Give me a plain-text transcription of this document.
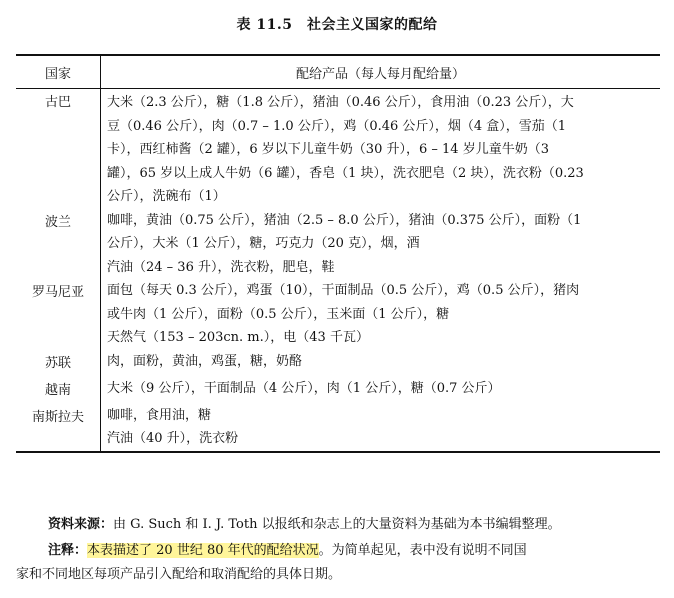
表 11.5　社会主义国家的配给
国家	配给产品（每人每月配给量）
古巴	大米（2.3 公斤），糖（1.8 公斤），猪油（0.46 公斤），食用油（0.23 公斤），大
豆（0.46 公斤），肉（0.7 – 1.0 公斤），鸡（0.46 公斤），烟（4 盒），雪茄（1
卡），西红柿酱（2 罐），6 岁以下儿童牛奶（30 升），6 – 14 岁儿童牛奶（3
罐），65 岁以上成人牛奶（6 罐），香皂（1 块），洗衣肥皂（2 块），洗衣粉（0.23
公斤），洗碗布（1）

波兰	咖啡，黄油（0.75 公斤），猪油（2.5 – 8.0 公斤），猪油（0.375 公斤），面粉（1
公斤），大米（1 公斤），糖，巧克力（20 克），烟，酒
汽油（24 – 36 升），洗衣粉，肥皂，鞋

罗马尼亚	面包（每天 0.3 公斤），鸡蛋（10），干面制品（0.5 公斤），鸡（0.5 公斤），猪肉
或牛肉（1 公斤），面粉（0.5 公斤），玉米面（1 公斤），糖
天然气（153 – 203cn. m.），电（43 千瓦）

苏联	肉，面粉，黄油，鸡蛋，糖，奶酪

越南	大米（9 公斤），干面制品（4 公斤），肉（1 公斤），糖（0.7 公斤）

南斯拉夫	咖啡，食用油，糖
汽油（40 升），洗衣粉
资料来源：由 G. Such 和 I. J. Toth 以报纸和杂志上的大量资料为基础为本书编辑整理。
注释：本表描述了 20 世纪 80 年代的配给状况。为简单起见，表中没有说明不同国
家和不同地区每项产品引入配给和取消配给的具体日期。
